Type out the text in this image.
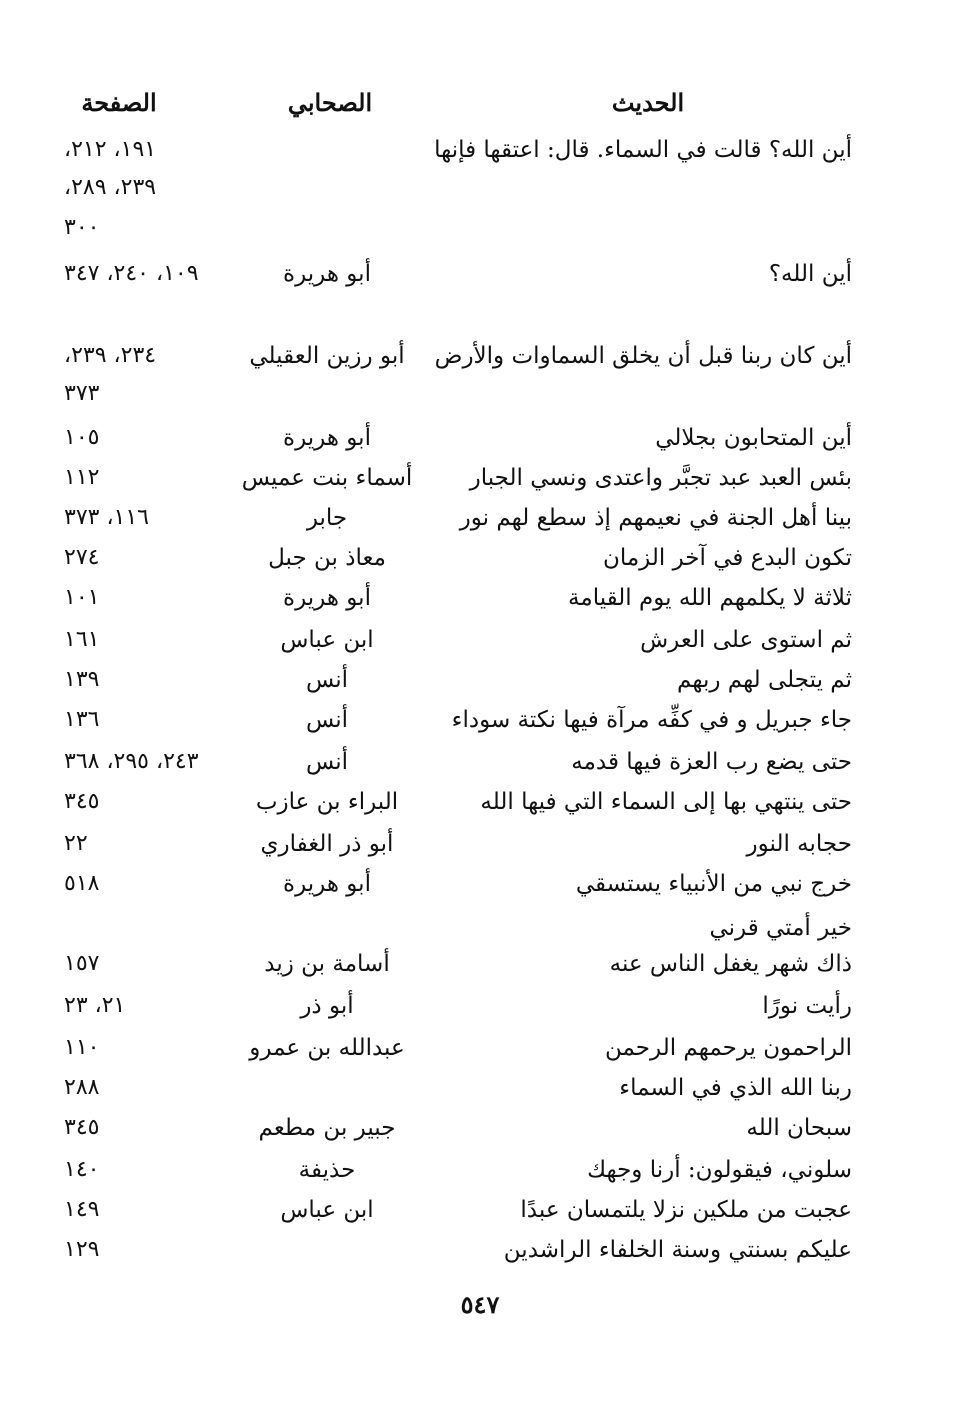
الحديث
الصحابي
الصفحة
أين الله؟ قالت في السماء. قال: اعتقها فإنها
١٩١، ٢١٢،
٢٣٩، ٢٨٩،
٣٠٠
أين الله؟
أبو هريرة
١٠٩، ٢٤٠، ٣٤٧
أين كان ربنا قبل أن يخلق السماوات والأرض
أبو رزين العقيلي
٢٣٤، ٢٣٩،
٣٧٣
أين المتحابون بجلالي
أبو هريرة
١٠٥
بئس العبد عبد تجبَّر واعتدى ونسي الجبار
أسماء بنت عميس
١١٢
بينا أهل الجنة في نعيمهم إذ سطع لهم نور
جابر
١١٦، ٣٧٣
تكون البدع في آخر الزمان
معاذ بن جبل
٢٧٤
ثلاثة لا يكلمهم الله يوم القيامة
أبو هريرة
١٠١
ثم استوى على العرش
ابن عباس
١٦١
ثم يتجلى لهم ربهم
أنس
١٣٩
جاء جبريل و في كفِّه مرآة فيها نكتة سوداء
أنس
١٣٦
حتى يضع رب العزة فيها قدمه
أنس
٢٤٣، ٢٩٥، ٣٦٨
حتى ينتهي بها إلى السماء التي فيها الله
البراء بن عازب
٣٤٥
حجابه النور
أبو ذر الغفاري
٢٢
خرج نبي من الأنبياء يستسقي
أبو هريرة
٥١٨
خير أمتي قرني
ذاك شهر يغفل الناس عنه
أسامة بن زيد
١٥٧
رأيت نورًا
أبو ذر
٢١، ٢٣
الراحمون يرحمهم الرحمن
عبدالله بن عمرو
١١٠
ربنا الله الذي في السماء
٢٨٨
سبحان الله
جبير بن مطعم
٣٤٥
سلوني، فيقولون: أرنا وجهك
حذيفة
١٤٠
عجبت من ملكين نزلا يلتمسان عبدًا
ابن عباس
١٤٩
عليكم بسنتي وسنة الخلفاء الراشدين
١٢٩
٥٤٧
